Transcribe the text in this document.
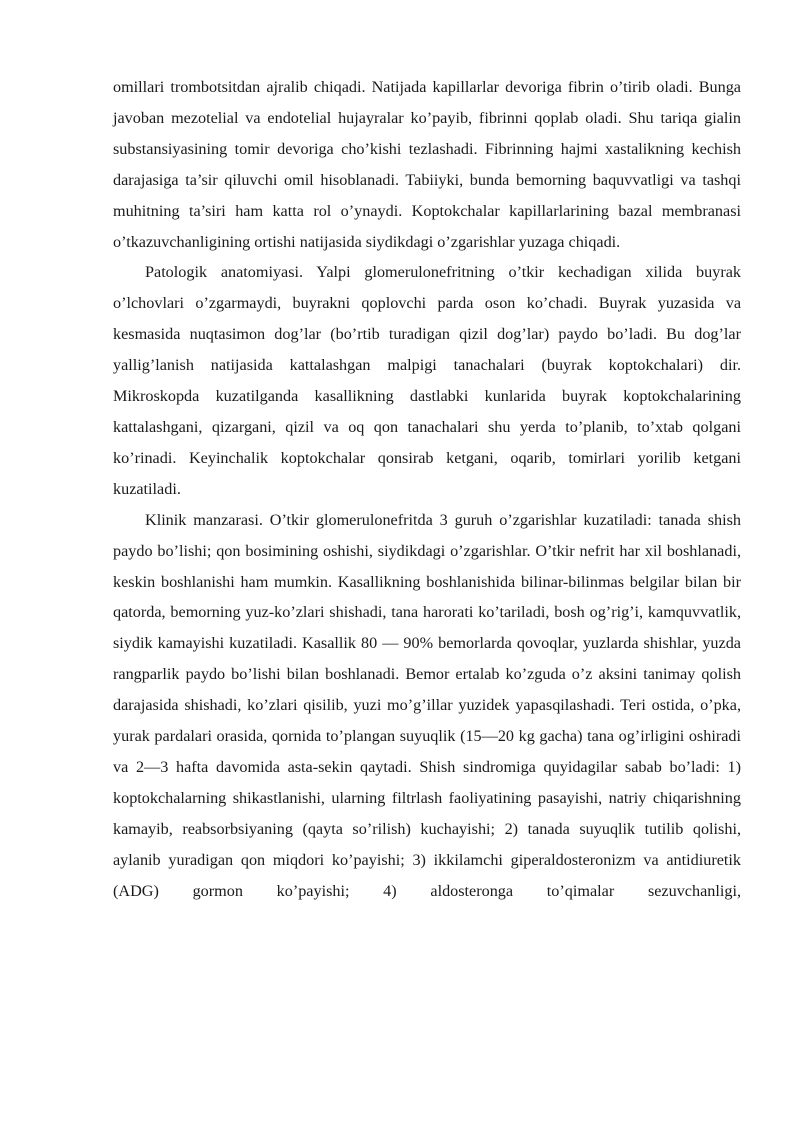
omillari trombotsitdan ajralib chiqadi. Natijada kapillarlar devoriga fibrin o’tirib oladi. Bunga javoban mezotelial va endotelial hujayralar ko’payib, fibrinni qoplab oladi. Shu tariqa gialin substansiyasining tomir devoriga cho’kishi tezlashadi. Fibrinning hajmi xastalikning kechish darajasiga ta’sir qiluvchi omil hisoblanadi. Tabiiyki, bunda bemorning baquvvatligi va tashqi muhitning ta’siri ham katta rol o’ynaydi. Koptokchalar kapillarlarining bazal membranasi o’tkazuvchanligining ortishi natijasida siydikdagi o’zgarishlar yuzaga chiqadi.

Patologik anatomiyasi. Yalpi glomerulonefritning o’tkir kechadigan xilida buyrak o’lchovlari o’zgarmaydi, buyrakni qoplovchi parda oson ko’chadi. Buyrak yuzasida va kesmasida nuqtasimon dog’lar (bo’rtib turadigan qizil dog’lar) paydo bo’ladi. Bu dog’lar yallig’lanish natijasida kattalashgan malpigi tanachalari (buyrak koptokchalari) dir. Mikroskopda kuzatilganda kasallikning dastlabki kunlarida buyrak koptokchalarining kattalashgani, qizargani, qizil va oq qon tanachalari shu yerda to’planib, to’xtab qolgani ko’rinadi. Keyinchalik koptokchalar qonsirab ketgani, oqarib, tomirlari yorilib ketgani kuzatiladi.

Klinik manzarasi. O’tkir glomerulonefritda 3 guruh o’zgarishlar kuzatiladi: tanada shish paydo bo’lishi; qon bosimining oshishi, siydikdagi o’zgarishlar. O’tkir nefrit har xil boshlanadi, keskin boshlanishi ham mumkin. Kasallikning boshlanishida bilinar-bilinmas belgilar bilan bir qatorda, bemorning yuz-ko’zlari shishadi, tana harorati ko’tariladi, bosh og’rig’i, kamquvvatlik, siydik kamayishi kuzatiladi. Kasallik 80 — 90% bemorlarda qovoqlar, yuzlarda shishlar, yuzda rangparlik paydo bo’lishi bilan boshlanadi. Bemor ertalab ko’zguda o’z aksini tanimay qolish darajasida shishadi, ko’zlari qisilib, yuzi mo’g’illar yuzidek yapasqilashadi. Teri ostida, o’pka, yurak pardalari orasida, qornida to’plangan suyuqlik (15—20 kg gacha) tana og’irligini oshiradi va 2—3 hafta davomida asta-sekin qaytadi. Shish sindromiga quyidagilar sabab bo’ladi: 1) koptokchalarning shikastlanishi, ularning filtrlash faoliyatining pasayishi, natriy chiqarishning kamayib, reabsorbsiyaning (qayta so’rilish) kuchayishi; 2) tanada suyuqlik tutilib qolishi, aylanib yuradigan qon miqdori ko’payishi; 3) ikkilamchi giperaldosteronizm va antidiuretik (ADG) gormon ko’payishi; 4) aldosteronga to’qimalar sezuvchanligi,
